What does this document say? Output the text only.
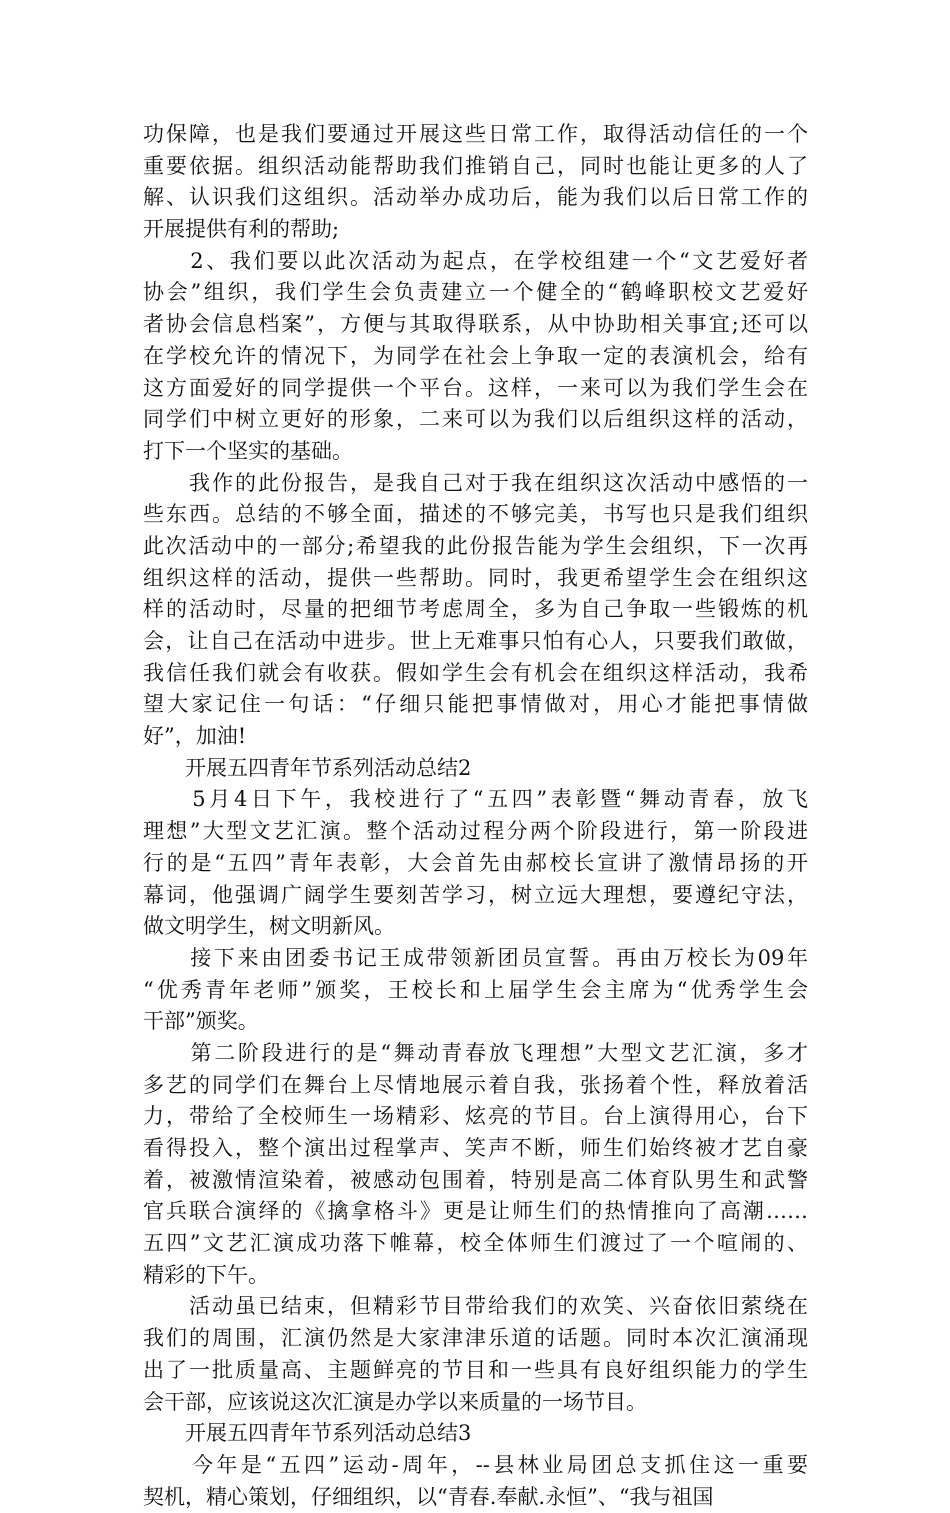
功保障，也是我们要通过开展这些日常工作，取得活动信任的一个
重要依据。组织活动能帮助我们推销自己，同时也能让更多的人了
解、认识我们这组织。活动举办成功后，能为我们以后日常工作的
开展提供有利的帮助;
　　2、我们要以此次活动为起点，在学校组建一个“文艺爱好者
协会”组织，我们学生会负责建立一个健全的“鹤峰职校文艺爱好
者协会信息档案”，方便与其取得联系，从中协助相关事宜;还可以
在学校允许的情况下，为同学在社会上争取一定的表演机会，给有
这方面爱好的同学提供一个平台。这样，一来可以为我们学生会在
同学们中树立更好的形象，二来可以为我们以后组织这样的活动，
打下一个坚实的基础。
　　我作的此份报告，是我自己对于我在组织这次活动中感悟的一
些东西。总结的不够全面，描述的不够完美，书写也只是我们组织
此次活动中的一部分;希望我的此份报告能为学生会组织，下一次再
组织这样的活动，提供一些帮助。同时，我更希望学生会在组织这
样的活动时，尽量的把细节考虑周全，多为自己争取一些锻炼的机
会，让自己在活动中进步。世上无难事只怕有心人，只要我们敢做，
我信任我们就会有收获。假如学生会有机会在组织这样活动，我希
望大家记住一句话：“仔细只能把事情做对，用心才能把事情做
好”，加油!
　　开展五四青年节系列活动总结2
　　5月4日下午，我校进行了“五四”表彰暨“舞动青春，放飞
理想”大型文艺汇演。整个活动过程分两个阶段进行，第一阶段进
行的是“五四”青年表彰，大会首先由郝校长宣讲了激情昂扬的开
幕词，他强调广阔学生要刻苦学习，树立远大理想，要遵纪守法，
做文明学生，树文明新风。
　　接下来由团委书记王成带领新团员宣誓。再由万校长为09年
“优秀青年老师”颁奖，王校长和上届学生会主席为“优秀学生会
干部”颁奖。
　　第二阶段进行的是“舞动青春放飞理想”大型文艺汇演，多才
多艺的同学们在舞台上尽情地展示着自我，张扬着个性，释放着活
力，带给了全校师生一场精彩、炫亮的节目。台上演得用心，台下
看得投入，整个演出过程掌声、笑声不断，师生们始终被才艺自豪
着，被激情渲染着，被感动包围着，特别是高二体育队男生和武警
官兵联合演绎的《擒拿格斗》更是让师生们的热情推向了高潮……
五四”文艺汇演成功落下帷幕，校全体师生们渡过了一个喧闹的、
精彩的下午。
　　活动虽已结束，但精彩节目带给我们的欢笑、兴奋依旧萦绕在
我们的周围，汇演仍然是大家津津乐道的话题。同时本次汇演涌现
出了一批质量高、主题鲜亮的节目和一些具有良好组织能力的学生
会干部，应该说这次汇演是办学以来质量的一场节目。
　　开展五四青年节系列活动总结3
　　今年是“五四”运动-周年，--县林业局团总支抓住这一重要
契机，精心策划，仔细组织，以“青春.奉献.永恒”、“我与祖国
